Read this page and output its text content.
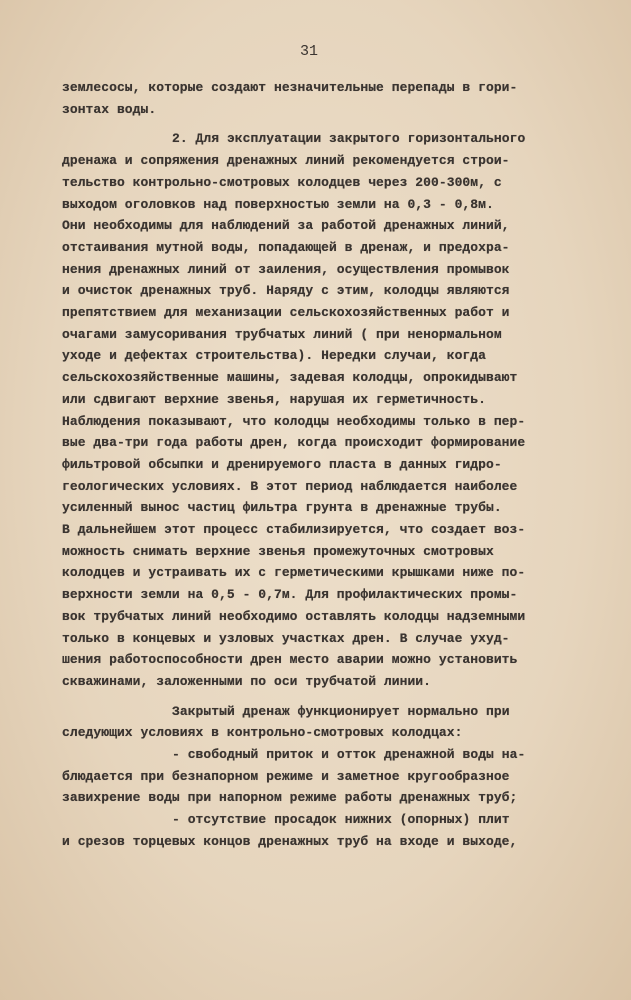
31
землесосы, которые создают незначительные перепады в гори-
зонтах воды.
2. Для эксплуатации закрытого горизонтального
дренажа и сопряжения дренажных линий рекомендуется строи-
тельство контрольно-смотровых колодцев через 200-300м, с
выходом оголовков над поверхностью земли на 0,3 - 0,8м.
Они необходимы для наблюдений за работой дренажных линий,
отстаивания мутной воды, попадающей в дренаж, и предохра-
нения дренажных линий от заиления, осуществления промывок
и очисток дренажных труб. Наряду с этим, колодцы являются
препятствием для механизации сельскохозяйственных работ и
очагами замусоривания трубчатых линий ( при ненормальном
уходе и дефектах строительства). Нередки случаи, когда
сельскохозяйственные машины, задевая колодцы, опрокидывают
или сдвигают верхние звенья, нарушая их герметичность.
Наблюдения показывают, что колодцы необходимы только в пер-
вые два-три года работы дрен, когда происходит формирование
фильтровой обсыпки и дренируемого пласта в данных гидро-
геологических условиях. В этот период наблюдается наиболее
усиленный вынос частиц фильтра грунта в дренажные трубы.
В дальнейшем этот процесс стабилизируется, что создает воз-
можность снимать верхние звенья промежуточных смотровых
колодцев и устраивать их с герметическими крышками ниже по-
верхности земли на 0,5 - 0,7м. Для профилактических промы-
вок трубчатых линий необходимо оставлять колодцы надземными
только в концевых и узловых участках дрен. В случае ухуд-
шения работоспособности дрен место аварии можно установить
скважинами, заложенными по оси трубчатой линии.
Закрытый дренаж функционирует нормально при
следующих условиях в контрольно-смотровых колодцах:
- свободный приток и отток дренажной воды на-
блюдается при безнапорном режиме и заметное кругообразное
завихрение воды при напорном режиме работы дренажных труб;
- отсутствие просадок нижних (опорных) плит
и срезов торцевых концов дренажных труб на входе и выходе,
